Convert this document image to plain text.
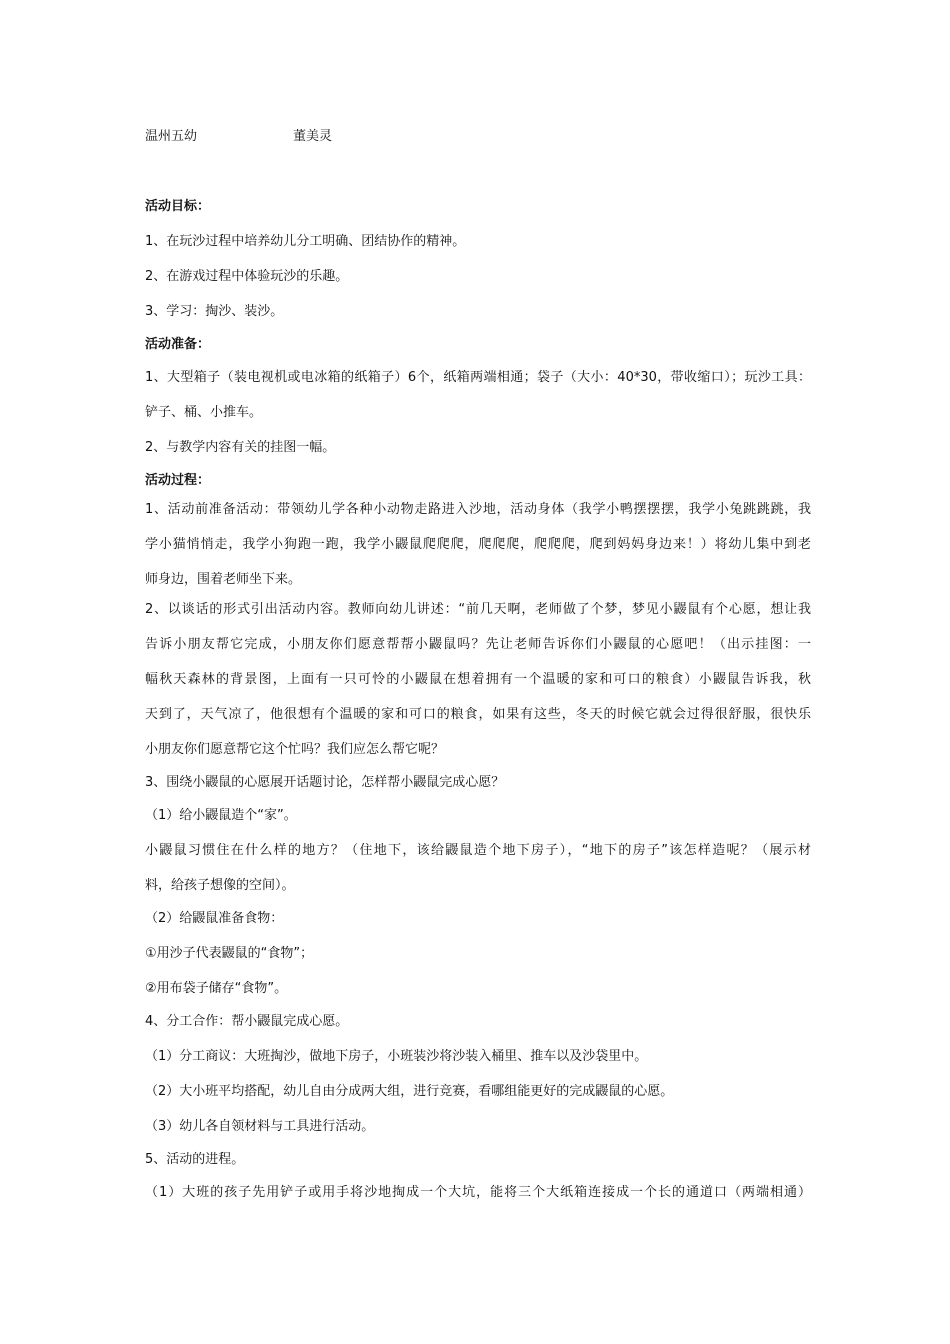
温州五幼	董美灵
活动目标：
1、在玩沙过程中培养幼儿分工明确、团结协作的精神。
2、在游戏过程中体验玩沙的乐趣。
3、学习：掏沙、装沙。
活动准备：
1、大型箱子（装电视机或电冰箱的纸箱子）6个，纸箱两端相通；袋子（大小：40*30，带收缩口）；玩沙工具：
铲子、桶、小推车。
2、与教学内容有关的挂图一幅。
活动过程：
1、活动前准备活动：带领幼儿学各种小动物走路进入沙地，活动身体（我学小鸭摆摆摆，我学小兔跳跳跳，我
学小猫悄悄走，我学小狗跑一跑，我学小鼹鼠爬爬爬，爬爬爬，爬爬爬，爬到妈妈身边来！）将幼儿集中到老
师身边，围着老师坐下来。
2、以谈话的形式引出活动内容。教师向幼儿讲述：“前几天啊，老师做了个梦，梦见小鼹鼠有个心愿，想让我
告诉小朋友帮它完成，小朋友你们愿意帮帮小鼹鼠吗？先让老师告诉你们小鼹鼠的心愿吧！（出示挂图：一
幅秋天森林的背景图，上面有一只可怜的小鼹鼠在想着拥有一个温暖的家和可口的粮食）小鼹鼠告诉我，秋
天到了，天气凉了，他很想有个温暖的家和可口的粮食，如果有这些，冬天的时候它就会过得很舒服，很快乐
小朋友你们愿意帮它这个忙吗？我们应怎么帮它呢？
3、围绕小鼹鼠的心愿展开话题讨论，怎样帮小鼹鼠完成心愿？
（1）给小鼹鼠造个“家”。
小鼹鼠习惯住在什么样的地方？（住地下，该给鼹鼠造个地下房子），“地下的房子”该怎样造呢？（展示材
料，给孩子想像的空间）。
（2）给鼹鼠准备食物：
①用沙子代表鼹鼠的“食物”；
②用布袋子储存“食物”。
4、分工合作：帮小鼹鼠完成心愿。
（1）分工商议：大班掏沙，做地下房子，小班装沙将沙装入桶里、推车以及沙袋里中。
（2）大小班平均搭配，幼儿自由分成两大组，进行竞赛，看哪组能更好的完成鼹鼠的心愿。
（3）幼儿各自领材料与工具进行活动。
5、活动的进程。
（1）大班的孩子先用铲子或用手将沙地掏成一个大坑，能将三个大纸箱连接成一个长的通道口（两端相通）
